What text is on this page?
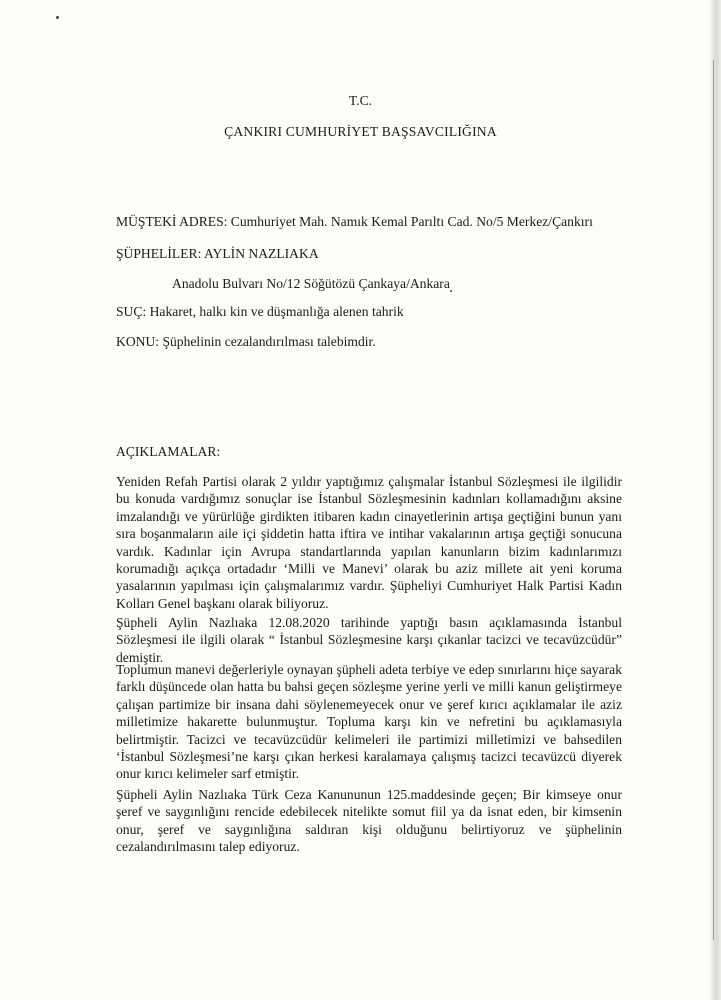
T.C.
ÇANKIRI CUMHURİYET BAŞSAVCILIĞINA
MÜŞTEKİ ADRES: Cumhuriyet Mah. Namık Kemal Parıltı Cad. No/5 Merkez/Çankırı
ŞÜPHELİLER: AYLİN NAZLIAKA
Anadolu Bulvarı No/12 Söğütözü Çankaya/Ankara
SUÇ: Hakaret, halkı kin ve düşmanlığa alenen tahrik
KONU: Şüphelinin cezalandırılması talebimdir.
AÇIKLAMALAR:
Yeniden Refah Partisi olarak 2 yıldır yaptığımız çalışmalar İstanbul Sözleşmesi ile ilgilidir bu konuda vardığımız sonuçlar ise İstanbul Sözleşmesinin kadınları kollamadığını aksine imzalandığı ve yürürlüğe girdikten itibaren kadın cinayetlerinin artışa geçtiğini bunun yanı sıra boşanmaların aile içi şiddetin hatta iftira ve intihar vakalarının artışa geçtiği sonucuna vardık. Kadınlar için Avrupa standartlarında yapılan kanunların bizim kadınlarımızı korumadığı açıkça ortadadır ‘Milli ve Manevi’ olarak bu aziz millete ait yeni koruma yasalarının yapılması için çalışmalarımız vardır. Şüpheliyi Cumhuriyet Halk Partisi Kadın Kolları Genel başkanı olarak biliyoruz.
Şüpheli Aylin Nazlıaka 12.08.2020 tarihinde yaptığı basın açıklamasında İstanbul Sözleşmesi ile ilgili olarak “ İstanbul Sözleşmesine karşı çıkanlar tacizci ve tecavüzcüdür” demiştir.
Toplumun manevi değerleriyle oynayan şüpheli adeta terbiye ve edep sınırlarını hiçe sayarak farklı düşüncede olan hatta bu bahsi geçen sözleşme yerine yerli ve milli kanun geliştirmeye çalışan partimize bir insana dahi söylenemeyecek onur ve şeref kırıcı açıklamalar ile aziz milletimize hakarette bulunmuştur. Topluma karşı kin ve nefretini bu açıklamasıyla belirtmiştir. Tacizci ve tecavüzcüdür kelimeleri ile partimizi milletimizi ve bahsedilen ‘İstanbul Sözleşmesi’ne karşı çıkan herkesi karalamaya çalışmış tacizci tecavüzcü diyerek onur kırıcı kelimeler sarf etmiştir.
Şüpheli Aylin Nazlıaka Türk Ceza Kanununun 125.maddesinde geçen; Bir kimseye onur şeref ve saygınlığını rencide edebilecek nitelikte somut fiil ya da isnat eden, bir kimsenin onur, şeref ve saygınlığına saldıran kişi olduğunu belirtiyoruz ve şüphelinin cezalandırılmasını talep ediyoruz.
